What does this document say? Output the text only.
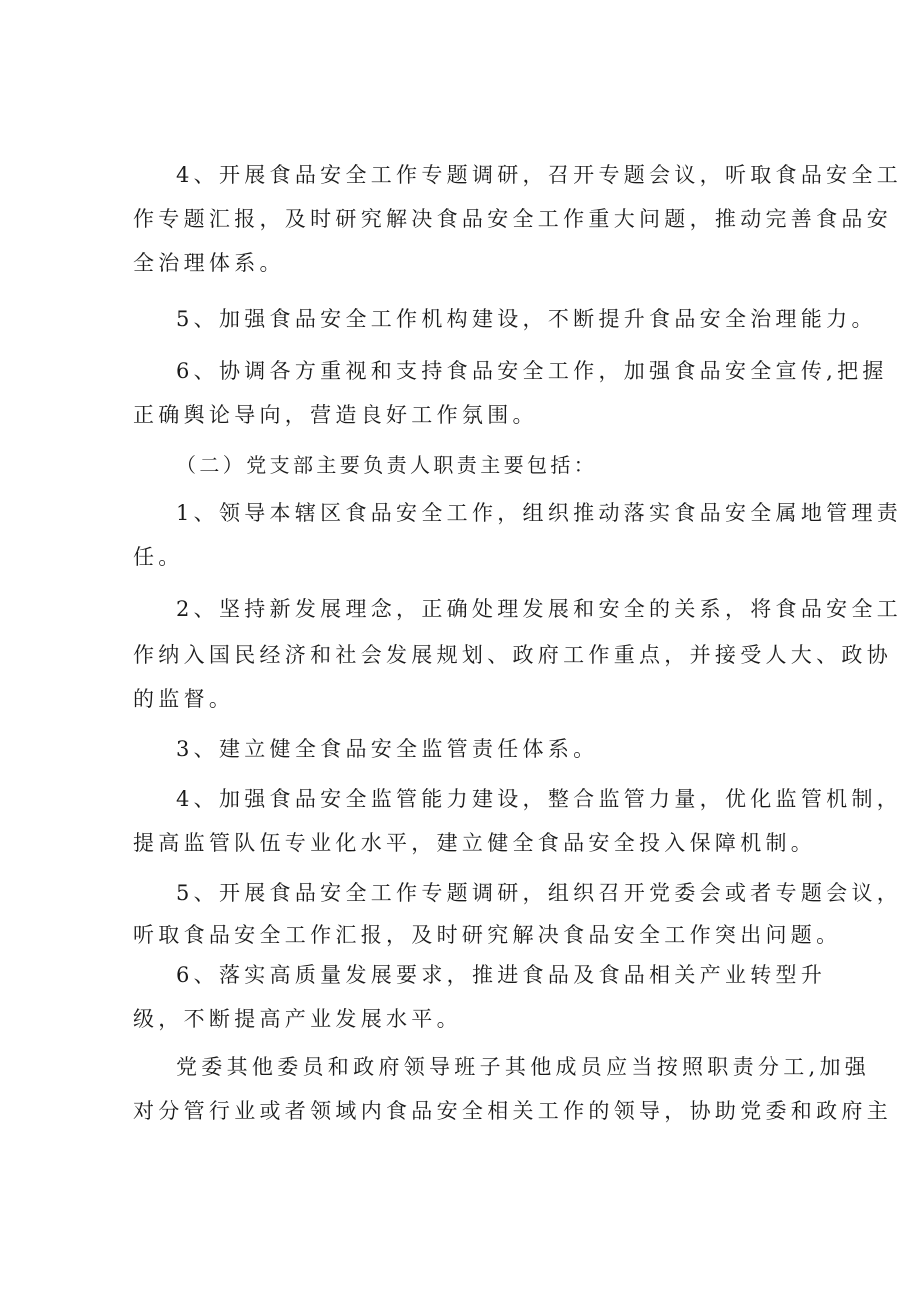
4、开展食品安全工作专题调研，召开专题会议，听取食品安全工
作专题汇报，及时研究解决食品安全工作重大问题，推动完善食品安
全治理体系。
5、加强食品安全工作机构建设，不断提升食品安全治理能力。
6、协调各方重视和支持食品安全工作，加强食品安全宣传,把握
正确舆论导向，营造良好工作氛围。
（二）党支部主要负责人职责主要包括：
1、领导本辖区食品安全工作，组织推动落实食品安全属地管理责
任。
2、坚持新发展理念，正确处理发展和安全的关系，将食品安全工
作纳入国民经济和社会发展规划、政府工作重点，并接受人大、政协
的监督。
3、建立健全食品安全监管责任体系。
4、加强食品安全监管能力建设，整合监管力量，优化监管机制，
提高监管队伍专业化水平，建立健全食品安全投入保障机制。
5、开展食品安全工作专题调研，组织召开党委会或者专题会议，
听取食品安全工作汇报，及时研究解决食品安全工作突出问题。
6、落实高质量发展要求，推进食品及食品相关产业转型升
级，不断提高产业发展水平。
党委其他委员和政府领导班子其他成员应当按照职责分工,加强
对分管行业或者领域内食品安全相关工作的领导，协助党委和政府主
